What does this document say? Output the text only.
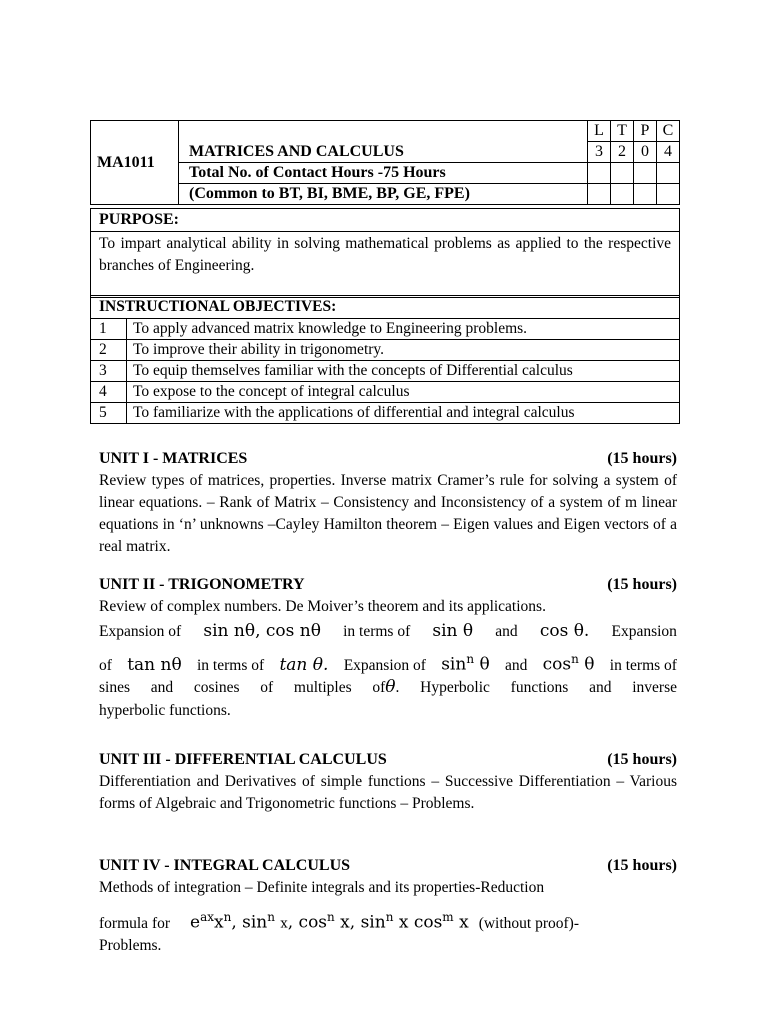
MA1011		L	T	P	C
	MATRICES AND CALCULUS	3	2	0	4
	Total No. of Contact Hours -75 Hours				
	(Common to BT, BI, BME, BP, GE, FPE)				
PURPOSE:
To impart analytical ability in solving mathematical problems as applied to the respective branches of Engineering.
INSTRUCTIONAL OBJECTIVES:	
1	To apply advanced matrix knowledge to Engineering problems.
2	To improve their ability in trigonometry.
3	To equip themselves familiar with the concepts of Differential calculus
4	To expose to the concept of integral calculus
5	To familiarize with the applications of differential and integral calculus
UNIT I - MATRICES	(15 hours)
Review types of matrices, properties. Inverse matrix Cramer’s rule for solving a system of linear equations. – Rank of Matrix – Consistency and Inconsistency of a system of m linear equations in ‘n’ unknowns –Cayley Hamilton theorem – Eigen values and Eigen vectors of a real matrix.
UNIT II - TRIGONOMETRY	(15 hours)
Review of complex numbers. De Moiver’s theorem and its applications.
Expansion of sin nθ, cos nθ in terms of sin θ and cos θ. Expansion
of tan nθ in terms of tan θ. Expansion of $\sin^n \theta$ and $\cos^n \theta$ in terms of
sines and cosines of multiples ofθ. Hyperbolic functions and inverse
hyperbolic functions.
UNIT III - DIFFERENTIAL CALCULUS	(15 hours)
Differentiation and Derivatives of simple functions – Successive Differentiation – Various forms of Algebraic and Trigonometric functions – Problems.
UNIT IV - INTEGRAL CALCULUS	(15 hours)
Methods of integration – Definite integrals and its properties-Reduction
formula for $e^{ax}x^n$, $\sin^n x$, $\cos^n x$, $\sin^n x$ $\cos^m x$ (without proof)-
Problems.
